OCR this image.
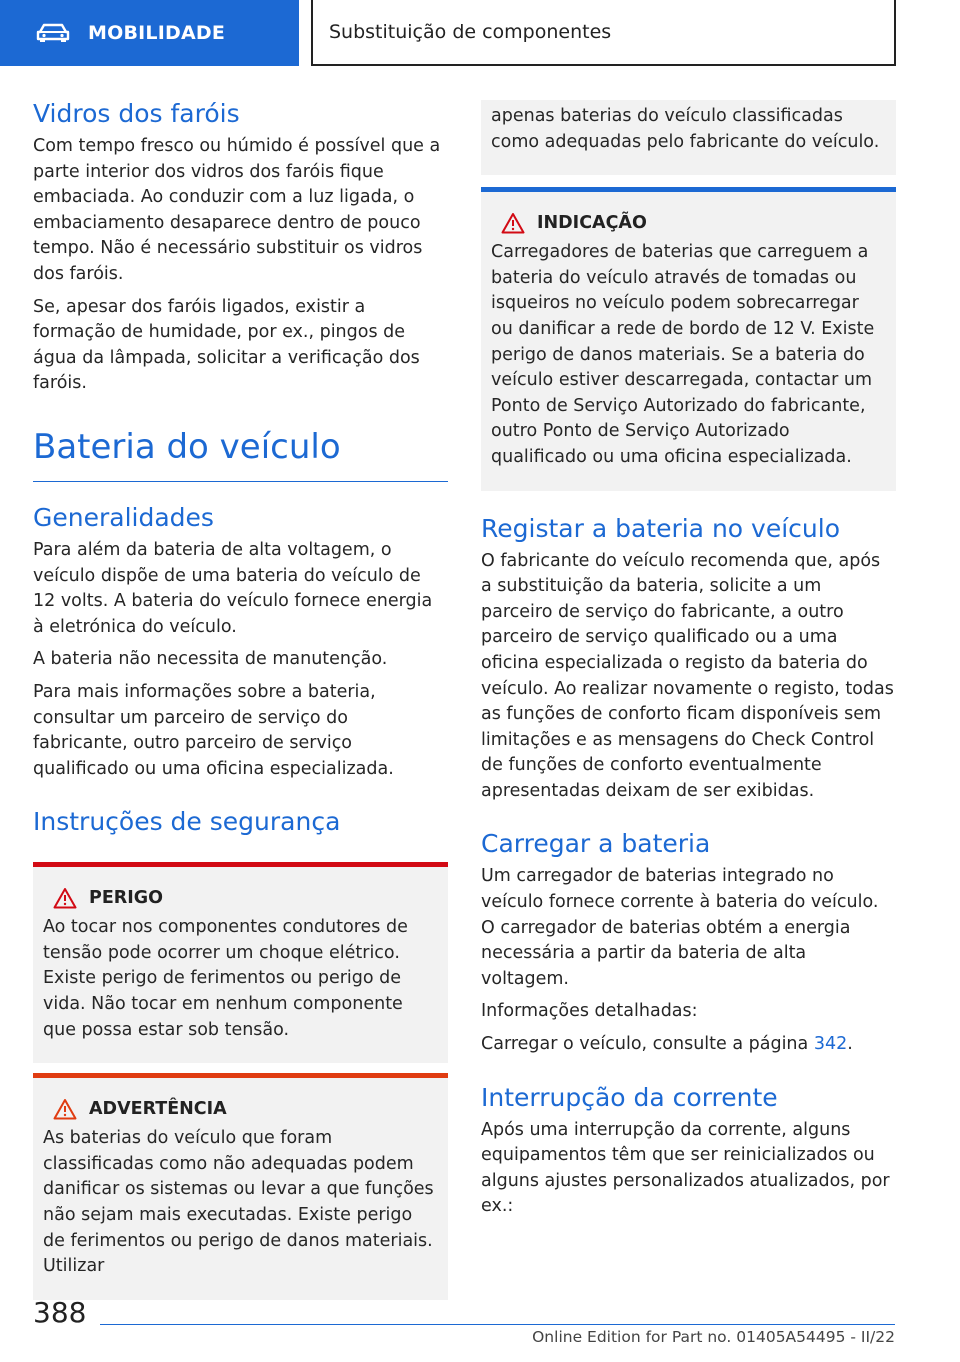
MOBILIDADE	Substituição de componentes
Vidros dos faróis

Com tempo fresco ou húmido é possível que a parte interior dos vidros dos faróis fique embaciada. Ao conduzir com a luz ligada, o embaciamento desaparece dentro de pouco tempo. Não é necessário substituir os vidros dos faróis.

Se, apesar dos faróis ligados, existir a formação de humidade, por ex., pingos de água da lâmpada, solicitar a verificação dos faróis.

Bateria do veículo
Generalidades

Para além da bateria de alta voltagem, o veículo dispõe de uma bateria do veículo de 12 volts. A bateria do veículo fornece energia à eletrónica do veículo.

A bateria não necessita de manutenção.

Para mais informações sobre a bateria, consultar um parceiro de serviço do fabricante, outro parceiro de serviço qualificado ou uma oficina especializada.

Instruções de segurança
PERIGO

Ao tocar nos componentes condutores de tensão pode ocorrer um choque elétrico. Existe perigo de ferimentos ou perigo de vida. Não tocar em nenhum componente que possa estar sob tensão.

ADVERTÊNCIA

As baterias do veículo que foram classificadas como não adequadas podem danificar os sistemas ou levar a que funções não sejam mais executadas. Existe perigo de ferimentos ou perigo de danos materiais. Utilizar

apenas baterias do veículo classificadas como adequadas pelo fabricante do veículo.

INDICAÇÃO

Carregadores de baterias que carreguem a bateria do veículo através de tomadas ou isqueiros no veículo podem sobrecarregar ou danificar a rede de bordo de 12 V. Existe perigo de danos materiais. Se a bateria do veículo estiver descarregada, contactar um Ponto de Serviço Autorizado do fabricante, outro Ponto de Serviço Autorizado qualificado ou uma oficina especializada.

Registar a bateria no veículo

O fabricante do veículo recomenda que, após a substituição da bateria, solicite a um parceiro de serviço do fabricante, a outro parceiro de serviço qualificado ou a uma oficina especializada o registo da bateria do veículo. Ao realizar novamente o registo, todas as funções de conforto ficam disponíveis sem limitações e as mensagens do Check Control de funções de conforto eventualmente apresentadas deixam de ser exibidas.

Carregar a bateria

Um carregador de baterias integrado no veículo fornece corrente à bateria do veículo. O carregador de baterias obtém a energia necessária a partir da bateria de alta voltagem.

Informações detalhadas:

Carregar o veículo, consulte a página 342.

Interrupção da corrente

Após uma interrupção da corrente, alguns equipamentos têm que ser reinicializados ou alguns ajustes personalizados atualizados, por ex.:

388
Online Edition for Part no. 01405A54495 - II/22
